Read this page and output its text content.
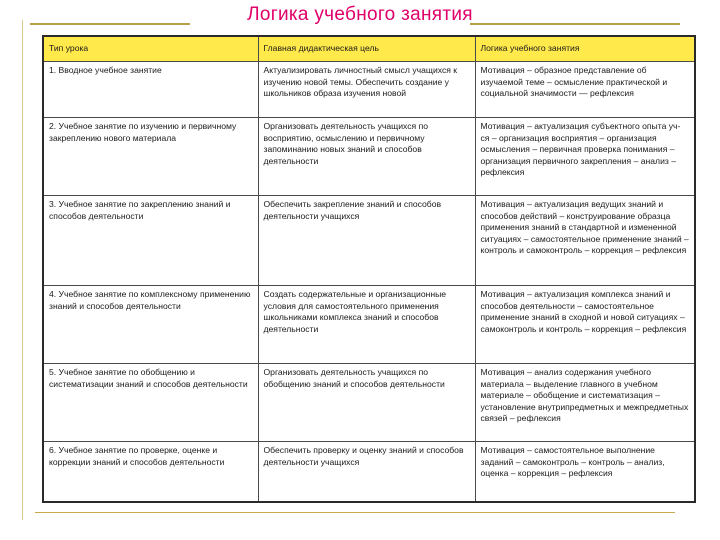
Логика учебного занятия
Тип урока	Главная дидактическая цель	Логика учебного занятия
1. Вводное учебное занятие	Актуализировать личностный смысл учащихся к изучению новой темы. Обеспечить создание у школьников образа изучения новой	Мотивация – образное представление об изучаемой теме – осмысление практической и социальной значимости — рефлексия
2. Учебное занятие по изучению и первичному закреплению нового материала	Организовать деятельность учащихся по восприятию, осмыслению и первичному запоминанию новых знаний и способов деятельности	Мотивация – актуализация субъектного опыта уч-ся – организация восприятия – организация осмысления – первичная проверка понимания – организация первичного закрепления – анализ – рефлексия
3. Учебное занятие по закреплению знаний и способов деятельности	Обеспечить закрепление знаний и способов деятельности учащихся	Мотивация – актуализация ведущих знаний и способов действий – конструирование образца применения знаний в стандартной и измененной ситуациях – самостоятельное применение знаний – контроль и самоконтроль – коррекция – рефлексия
4. Учебное занятие по комплексному применению знаний и способов деятельности	Создать содержательные и организационные условия для самостоятельного применения школьниками комплекса знаний и способов деятельности	Мотивация – актуализация комплекса знаний и способов деятельности – самостоятельное применение знаний в сходной и новой ситуациях – самоконтроль и контроль – коррекция – рефлексия
5. Учебное занятие по обобщению и систематизации знаний и способов деятельности	Организовать деятельность учащихся по обобщению знаний и способов деятельности	Мотивация – анализ содержания учебного материала – выделение главного в учебном материале – обобщение и систематизация – установление внутрипредметных и межпредметных связей – рефлексия
6. Учебное занятие по проверке, оценке и коррекции знаний и способов деятельности	Обеспечить проверку и оценку знаний и способов деятельности учащихся	Мотивация – самостоятельное выполнение заданий – самоконтроль – контроль – анализ, оценка – коррекция – рефлексия
